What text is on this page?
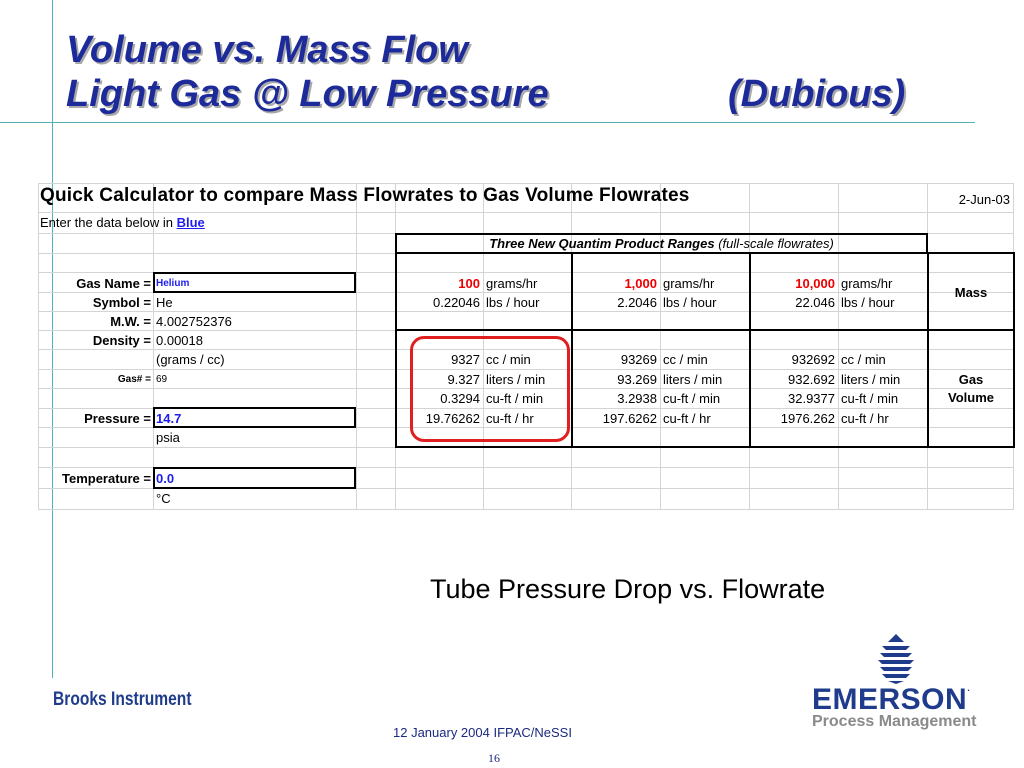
Volume vs. Mass Flow
Light Gas @ Low Pressure	(Dubious)
Quick Calculator to compare Mass Flowrates to Gas Volume Flowrates	2-Jun-03
Enter the data below in Blue
Three New Quantim Product Ranges (full-scale flowrates)
Gas Name = Helium
Symbol = He
M.W. = 4.002752376
Density = 0.00018
(grams / cc)
Gas# = 69
Pressure = 14.7
psia
Temperature = 0.0
°C
100 grams/hr
0.22046 lbs / hour
9327 cc / min
9.327 liters / min
0.3294 cu-ft / min
19.76262 cu-ft / hr
1,000 grams/hr
2.2046 lbs / hour
93269 cc / min
93.269 liters / min
3.2938 cu-ft / min
197.6262 cu-ft / hr
10,000 grams/hr
22.046 lbs / hour
932692 cc / min
932.692 liters / min
32.9377 cu-ft / min
1976.262 cu-ft / hr
Mass
Gas
Volume
Tube Pressure Drop vs. Flowrate
Brooks Instrument
12 January 2004 IFPAC/NeSSI
16
EMERSON.
Process Management
